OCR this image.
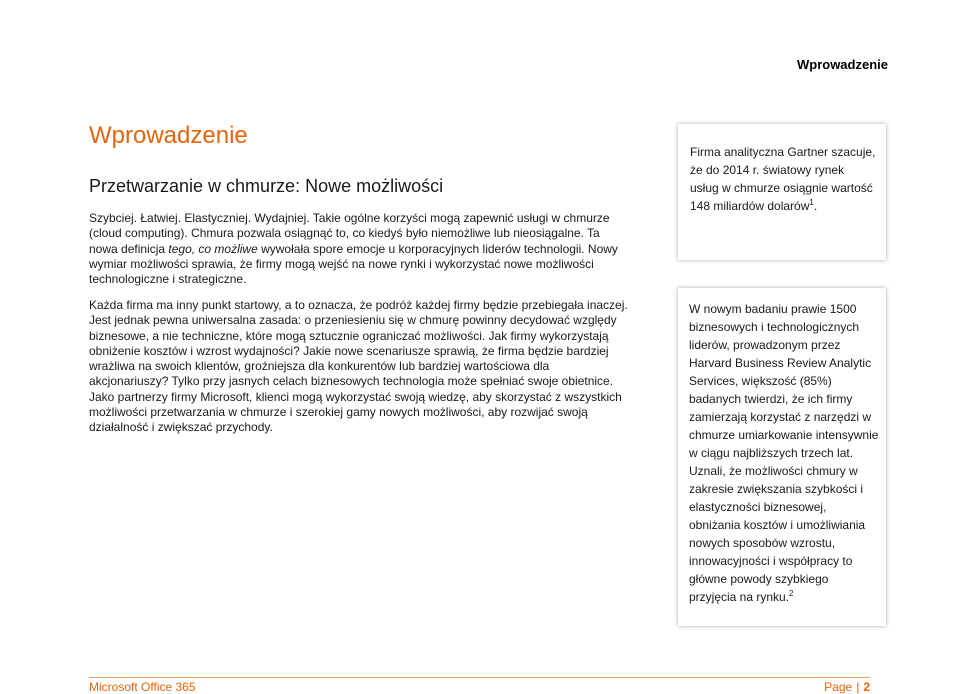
Wprowadzenie
Wprowadzenie
Przetwarzanie w chmurze: Nowe możliwości
Szybciej. Łatwiej. Elastyczniej. Wydajniej. Takie ogólne korzyści mogą zapewnić usługi w chmurze (cloud computing). Chmura pozwala osiągnąć to, co kiedyś było niemożliwe lub nieosiągalne. Ta nowa definicja tego, co możliwe wywołała spore emocje u korporacyjnych liderów technologii. Nowy wymiar możliwości sprawia, że firmy mogą wejść na nowe rynki i wykorzystać nowe możliwości technologiczne i strategiczne.
Każda firma ma inny punkt startowy, a to oznacza, że podróż każdej firmy będzie przebiegała inaczej. Jest jednak pewna uniwersalna zasada: o przeniesieniu się w chmurę powinny decydować względy biznesowe, a nie techniczne, które mogą sztucznie ograniczać możliwości. Jak firmy wykorzystają obniżenie kosztów i wzrost wydajności? Jakie nowe scenariusze sprawią, że firma będzie bardziej wrażliwa na swoich klientów, groźniejsza dla konkurentów lub bardziej wartościowa dla akcjonariuszy? Tylko przy jasnych celach biznesowych technologia może spełniać swoje obietnice. Jako partnerzy firmy Microsoft, klienci mogą wykorzystać swoją wiedzę, aby skorzystać z wszystkich możliwości przetwarzania w chmurze i szerokiej gamy nowych możliwości, aby rozwijać swoją działalność i zwiększać przychody.
Firma analityczna Gartner szacuje, że do 2014 r. światowy rynek usług w chmurze osiągnie wartość 148 miliardów dolarów$^1$.
W nowym badaniu prawie 1500 biznesowych i technologicznych liderów, prowadzonym przez Harvard Business Review Analytic Services, większość (85%) badanych twierdzi, że ich firmy zamierzają korzystać z narzędzi w chmurze umiarkowanie intensywnie w ciągu najbliższych trzech lat. Uznali, że możliwości chmury w zakresie zwiększania szybkości i elastyczności biznesowej, obniżania kosztów i umożliwiania nowych sposobów wzrostu, innowacyjności i współpracy to główne powody szybkiego przyjęcia na rynku.$^2$
Microsoft Office 365	Page | 2
